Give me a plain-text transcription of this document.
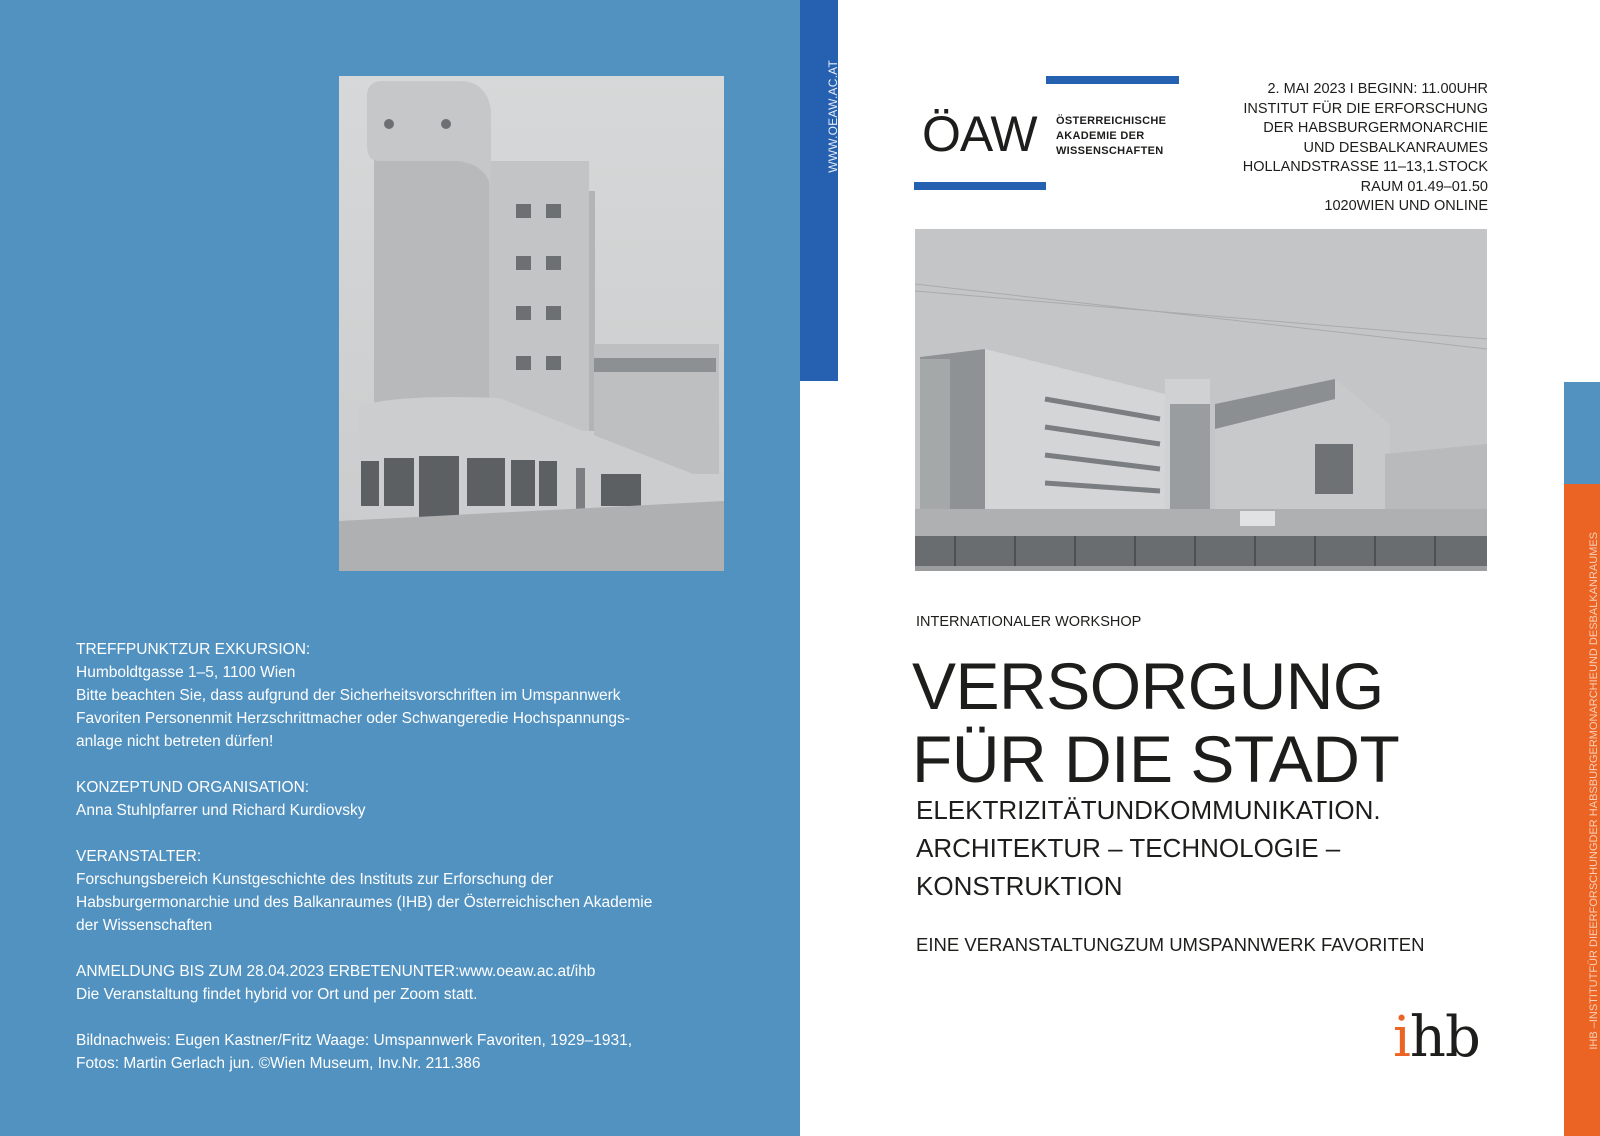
WWW.OEAW.AC.AT

TREFFPUNKTZUR EXKURSION:

Humboldtgasse 1–5, 1100 Wien

Bitte beachten Sie, dass aufgrund der Sicherheitsvorschriften im Umspannwerk

Favoriten Personenmit Herzschrittmacher oder Schwangeredie Hochspannungs-

anlage nicht betreten dürfen!

KONZEPTUND ORGANISATION:

Anna Stuhlpfarrer und Richard Kurdiovsky

VERANSTALTER:

Forschungsbereich Kunstgeschichte des Instituts zur Erforschung der

Habsburgermonarchie und des Balkanraumes (IHB) der Österreichischen Akademie

der Wissenschaften

ANMELDUNG BIS ZUM 28.04.2023 ERBETENUNTER:www.oeaw.ac.at/ihb

Die Veranstaltung findet hybrid vor Ort und per Zoom statt.

Bildnachweis: Eugen Kastner/Fritz Waage: Umspannwerk Favoriten, 1929–1931,

Fotos: Martin Gerlach jun. ©Wien Museum, Inv.Nr. 211.386

ÖAW ÖSTERREICHISCHE
AKADEMIE DER
WISSENSCHAFTEN

2. MAI 2023 I BEGINN: 11.00UHR

INSTITUT FÜR DIE ERFORSCHUNG

DER HABSBURGERMONARCHIE

UND DESBALKANRAUMES

HOLLANDSTRASSE 11–13,1.STOCK

RAUM 01.49–01.50

1020WIEN UND ONLINE

INTERNATIONALER WORKSHOP

VERSORGUNG

FÜR DIE STADT

ELEKTRIZITÄTUNDKOMMUNIKATION.

ARCHITEKTUR – TECHNOLOGIE –

KONSTRUKTION

EINE VERANSTALTUNGZUM UMSPANNWERK FAVORITEN
ihb	IHB –INSTITUTFÜR DIEERFORSCHUNGDER HABSBURGERMONARCHIEUND DESBALKANRAUMES
